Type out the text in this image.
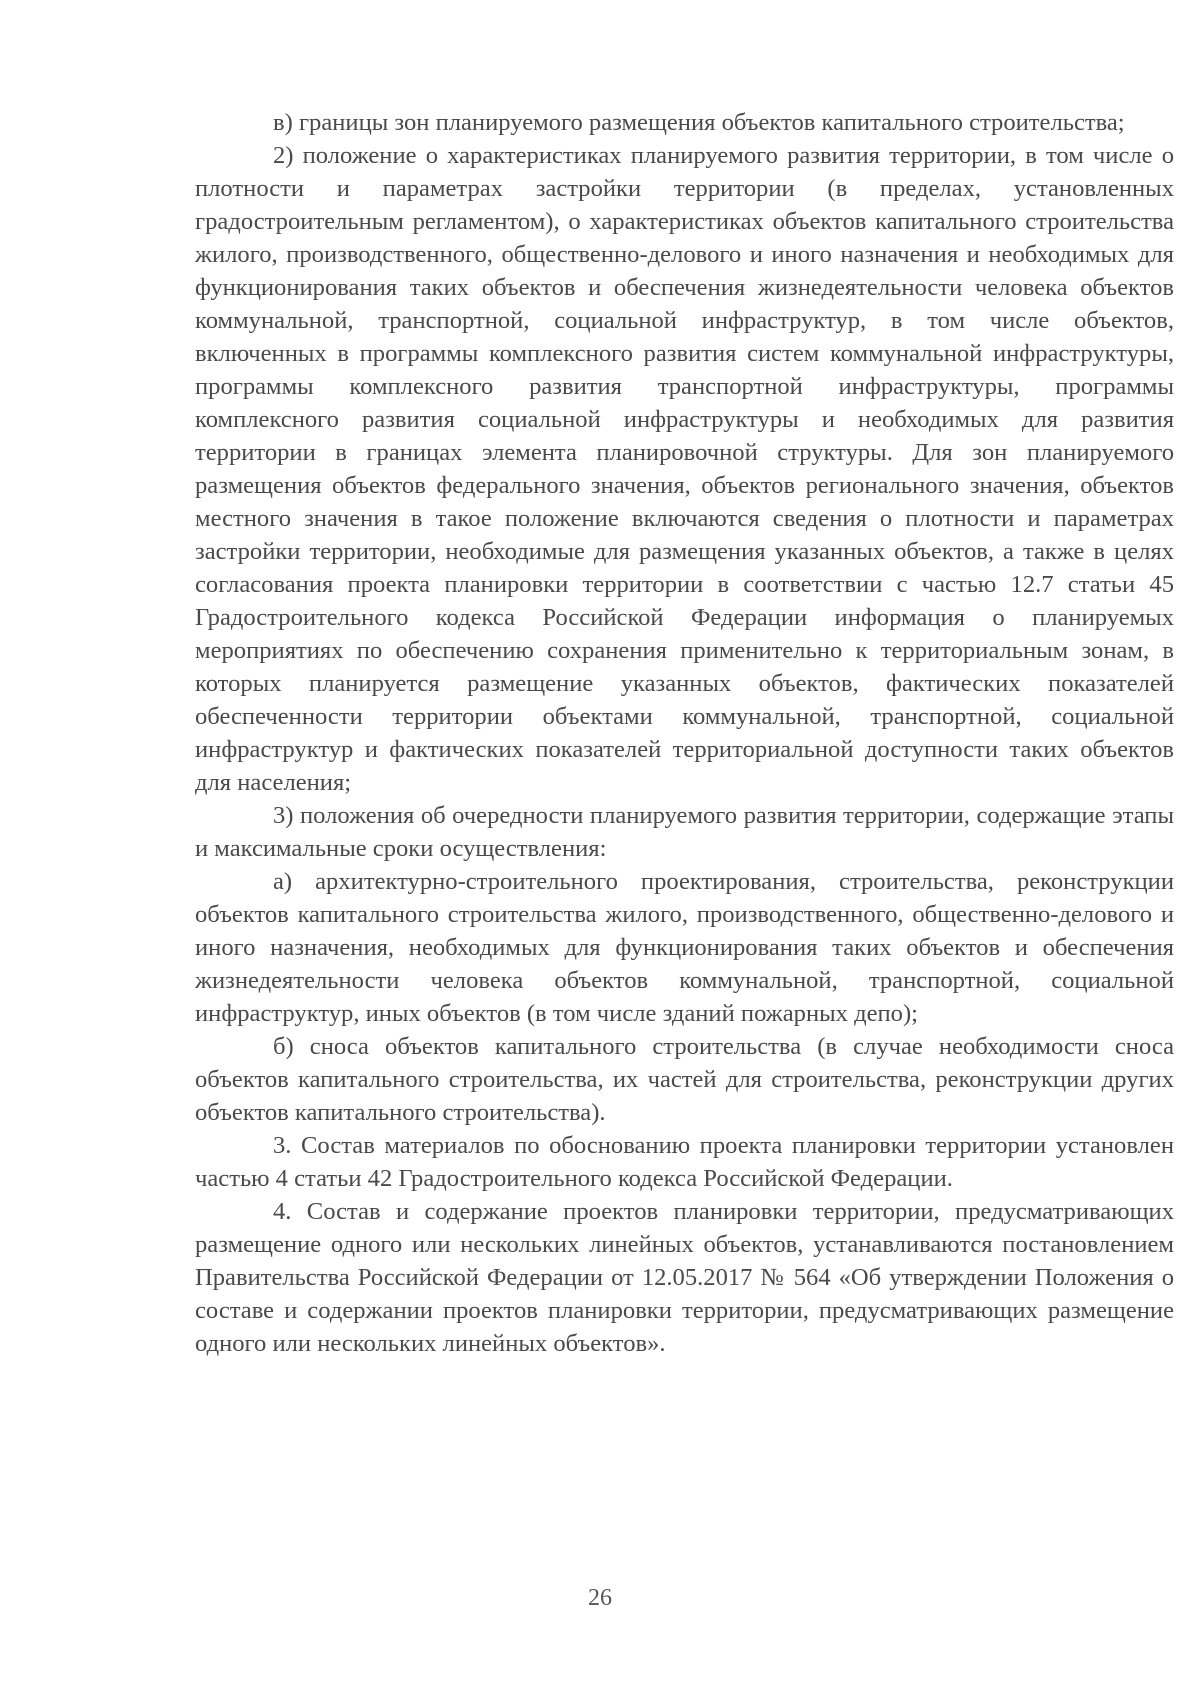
в) границы зон планируемого размещения объектов капитального строительства;

2) положение о характеристиках планируемого развития территории, в том числе о плотности и параметрах застройки территории (в пределах, установленных градостроительным регламентом), о характеристиках объектов капитального строительства жилого, производственного, общественно-делового и иного назначения и необходимых для функционирования таких объектов и обеспечения жизнедеятельности человека объектов коммунальной, транспортной, социальной инфраструктур, в том числе объектов, включенных в программы комплексного развития систем коммунальной инфраструктуры, программы комплексного развития транспортной инфраструктуры, программы комплексного развития социальной инфраструктуры и необходимых для развития территории в границах элемента планировочной структуры. Для зон планируемого размещения объектов федерального значения, объектов регионального значения, объектов местного значения в такое положение включаются сведения о плотности и параметрах застройки территории, необходимые для размещения указанных объектов, а также в целях согласования проекта планировки территории в соответствии с частью 12.7 статьи 45 Градостроительного кодекса Российской Федерации информация о планируемых мероприятиях по обеспечению сохранения применительно к территориальным зонам, в которых планируется размещение указанных объектов, фактических показателей обеспеченности территории объектами коммунальной, транспортной, социальной инфраструктур и фактических показателей территориальной доступности таких объектов для населения;

3) положения об очередности планируемого развития территории, содержащие этапы и максимальные сроки осуществления:

а) архитектурно-строительного проектирования, строительства, реконструкции объектов капитального строительства жилого, производственного, общественно-делового и иного назначения, необходимых для функционирования таких объектов и обеспечения жизнедеятельности человека объектов коммунальной, транспортной, социальной инфраструктур, иных объектов (в том числе зданий пожарных депо);

б) сноса объектов капитального строительства (в случае необходимости сноса объектов капитального строительства, их частей для строительства, реконструкции других объектов капитального строительства).

3. Состав материалов по обоснованию проекта планировки территории установлен частью 4 статьи 42 Градостроительного кодекса Российской Федерации.

4. Состав и содержание проектов планировки территории, предусматривающих размещение одного или нескольких линейных объектов, устанавливаются постановлением Правительства Российской Федерации от 12.05.2017 № 564 «Об утверждении Положения о составе и содержании проектов планировки территории, предусматривающих размещение одного или нескольких линейных объектов».

26
